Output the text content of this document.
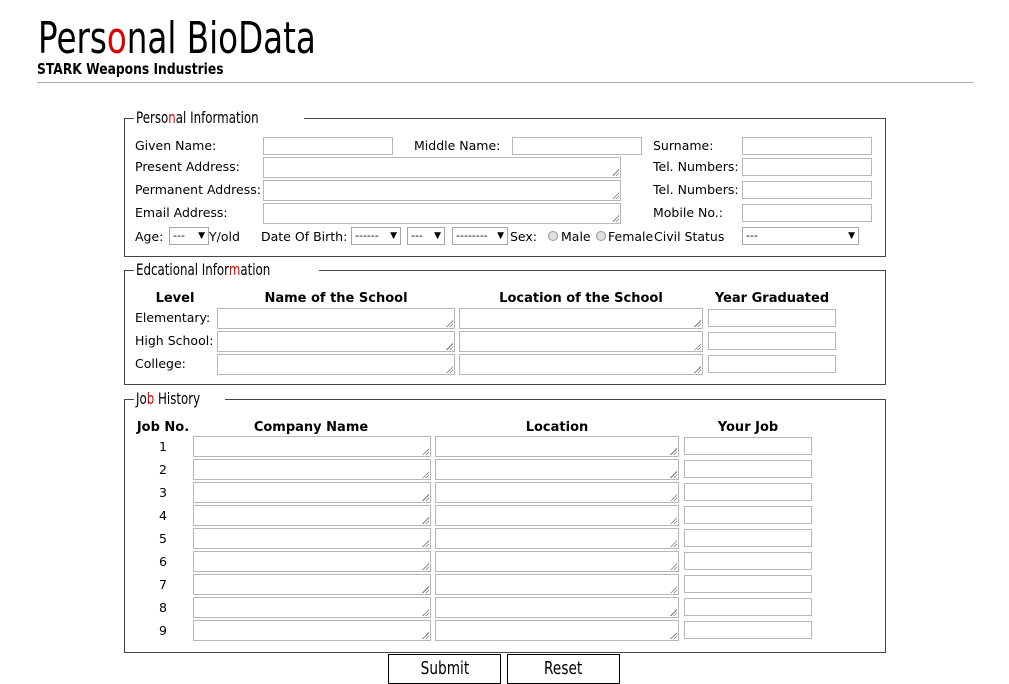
Personal BioData
STARK Weapons Industries
Personal Information
Given Name:	Middle Name:	Surname:
Present Address:	Tel. Numbers:
Permanent Address:	Tel. Numbers:
Email Address:	Mobile No.:
Age: --- ▼ Y/old Date Of Birth: ------ ▼	--- ▼	-------- ▼ Sex: Male Female Civil Status	---	▼
Edcational Information
Level	Name of the School	Location of the School	Year Graduated
Elementary:
High School:
College:
Job History
Job No.	Company Name	Location	Your Job
1
2
3
4
5
6
7
8
9
Submit	Reset
